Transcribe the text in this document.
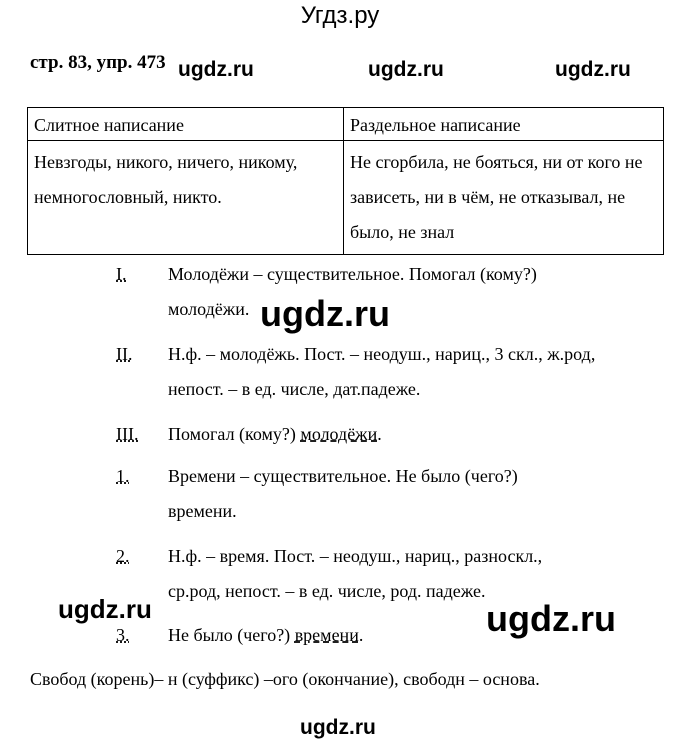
Угдз.ру
стр. 83, упр. 473 ugdz.ru	ugdz.ru	ugdz.ru
Слитное написание	Раздельное написание
Невзгоды, никого, ничего, никому, немногословный, никто.	Не сгорбила, не бояться, ни от кого не зависеть, ни в чём, не отказывал, не было, не знал
I. Молодёжи – существительное. Помогал (кому?)
молодёжи. ugdz.ru
II. Н.ф. – молодёжь. Пост. – неодуш., нариц., 3 скл., ж.род,
непост. – в ед. числе, дат.падеже.
III. Помогал (кому?) молодёжи.
1. Времени – существительное. Не было (чего?)
времени.
2. Н.ф. – время. Пост. – неодуш., нариц., разноскл.,
ср.род, непост. – в ед. числе, род. падеже.
ugdz.ru	ugdz.ru
3. Не было (чего?) времени.
Свобод (корень)– н (суффикс) –ого (окончание), свободн – основа.
ugdz.ru
